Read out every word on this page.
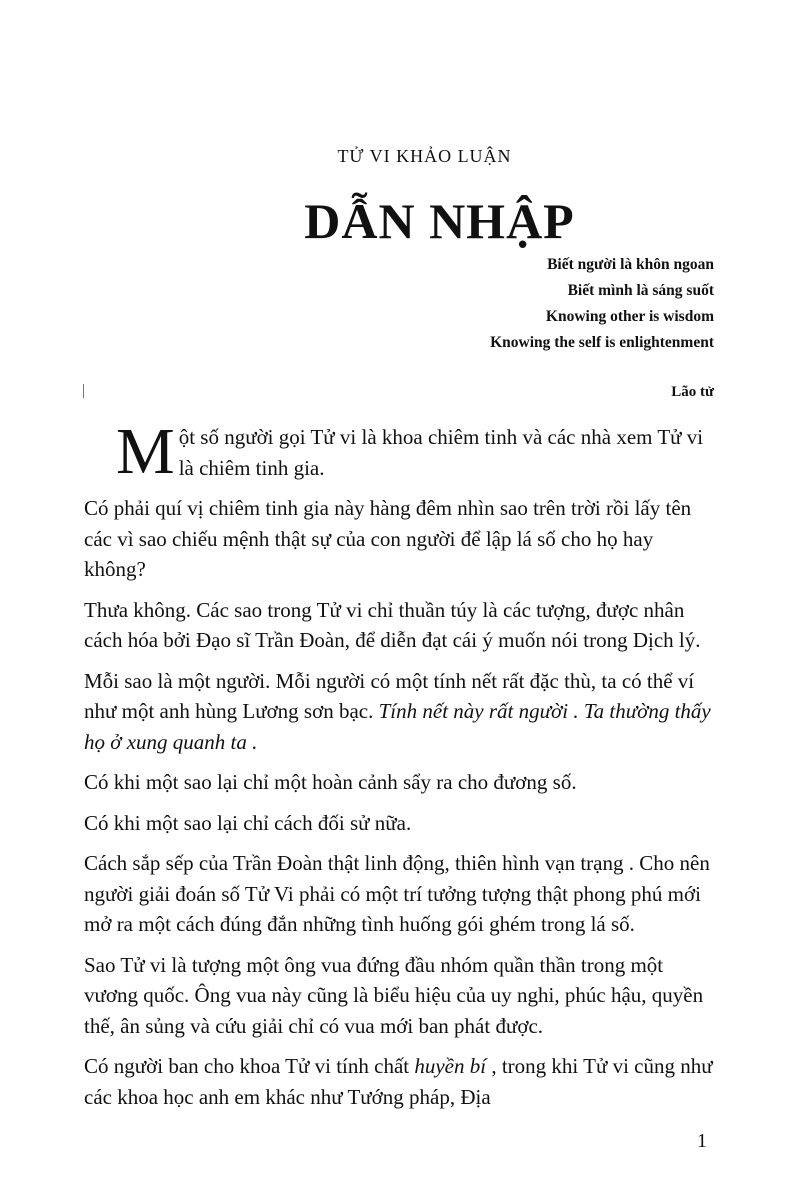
TỬ VI KHẢO LUẬN
DẪN NHẬP
Biết người là khôn ngoan
Biết mình là sáng suốt
Knowing other is wisdom
Knowing the self is enlightenment
Lão tử

Một số người gọi Tử vi là khoa chiêm tinh và các nhà xem Tử vi là chiêm tinh gia.

Có phải quí vị chiêm tinh gia này hàng đêm nhìn sao trên trời rồi lấy tên các vì sao chiếu mệnh thật sự của con người để lập lá số cho họ hay không?

Thưa không. Các sao trong Tử vi chỉ thuần túy là các tượng, được nhân cách hóa bởi Đạo sĩ Trần Đoàn, để diễn đạt cái ý muốn nói trong Dịch lý.

Mỗi sao là một người. Mỗi người có một tính nết rất đặc thù, ta có thể ví như một anh hùng Lương sơn bạc. Tính nết này rất người . Ta thường thấy họ ở xung quanh ta .

Có khi một sao lại chỉ một hoàn cảnh sẩy ra cho đương số.

Có khi một sao lại chỉ cách đối sử nữa.

Cách sắp sếp của Trần Đoàn thật linh động, thiên hình vạn trạng . Cho nên người giải đoán số Tử Vi phải có một trí tưởng tượng thật phong phú mới mở ra một cách đúng đắn những tình huống gói ghém trong lá số.

Sao Tử vi là tượng một ông vua đứng đầu nhóm quần thần trong một vương quốc. Ông vua này cũng là biểu hiệu của uy nghi, phúc hậu, quyền thế, ân sủng và cứu giải chỉ có vua mới ban phát được.

Có người ban cho khoa Tử vi tính chất huyền bí , trong khi Tử vi cũng như các khoa học anh em khác như Tướng pháp, Địa

1
